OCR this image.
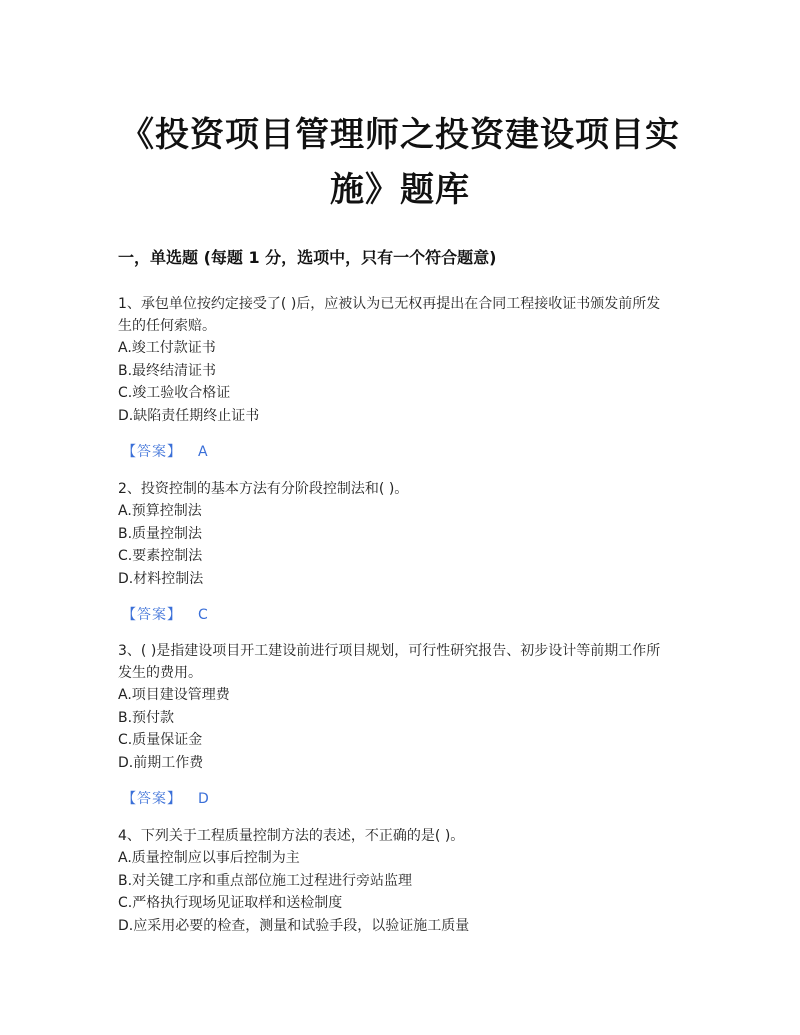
《投资项目管理师之投资建设项目实
施》题库
一，单选题 (每题 1 分，选项中，只有一个符合题意)

1、承包单位按约定接受了( )后，应被认为已无权再提出在合同工程接收证书颁发前所发

生的任何索赔。

A.竣工付款证书

B.最终结清证书

C.竣工验收合格证

D.缺陷责任期终止证书

【答案】 A

2、投资控制的基本方法有分阶段控制法和( )。

A.预算控制法

B.质量控制法

C.要素控制法

D.材料控制法

【答案】 C

3、( )是指建设项目开工建设前进行项目规划，可行性研究报告、初步设计等前期工作所

发生的费用。

A.项目建设管理费

B.预付款

C.质量保证金

D.前期工作费

【答案】 D

4、下列关于工程质量控制方法的表述，不正确的是( )。

A.质量控制应以事后控制为主

B.对关键工序和重点部位施工过程进行旁站监理

C.严格执行现场见证取样和送检制度

D.应采用必要的检查，测量和试验手段，以验证施工质量
